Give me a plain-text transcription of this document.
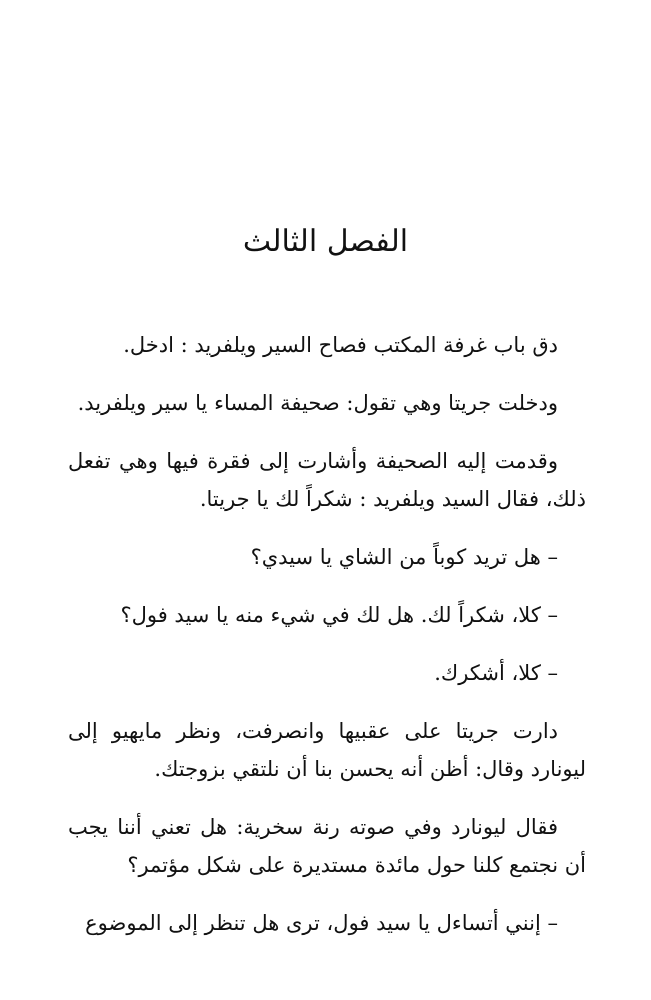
الفصل الثالث

دق باب غرفة المكتب فصاح السير ويلفريد : ادخل.

ودخلت جريتا وهي تقول: صحيفة المساء يا سير ويلفريد.

وقدمت إليه الصحيفة وأشارت إلى فقرة فيها وهي تفعل ذلك، فقال السيد ويلفريد : شكراً لك يا جريتا.

– هل تريد كوباً من الشاي يا سيدي؟

– كلا، شكراً لك. هل لك في شيء منه يا سيد فول؟

– كلا، أشكرك.

دارت جريتا على عقبيها وانصرفت، ونظر مايهيو إلى ليونارد وقال: أظن أنه يحسن بنا أن نلتقي بزوجتك.

فقال ليونارد وفي صوته رنة سخرية: هل تعني أننا يجب أن نجتمع كلنا حول مائدة مستديرة على شكل مؤتمر؟

– إنني أتساءل يا سيد فول، ترى هل تنظر إلى الموضوع
